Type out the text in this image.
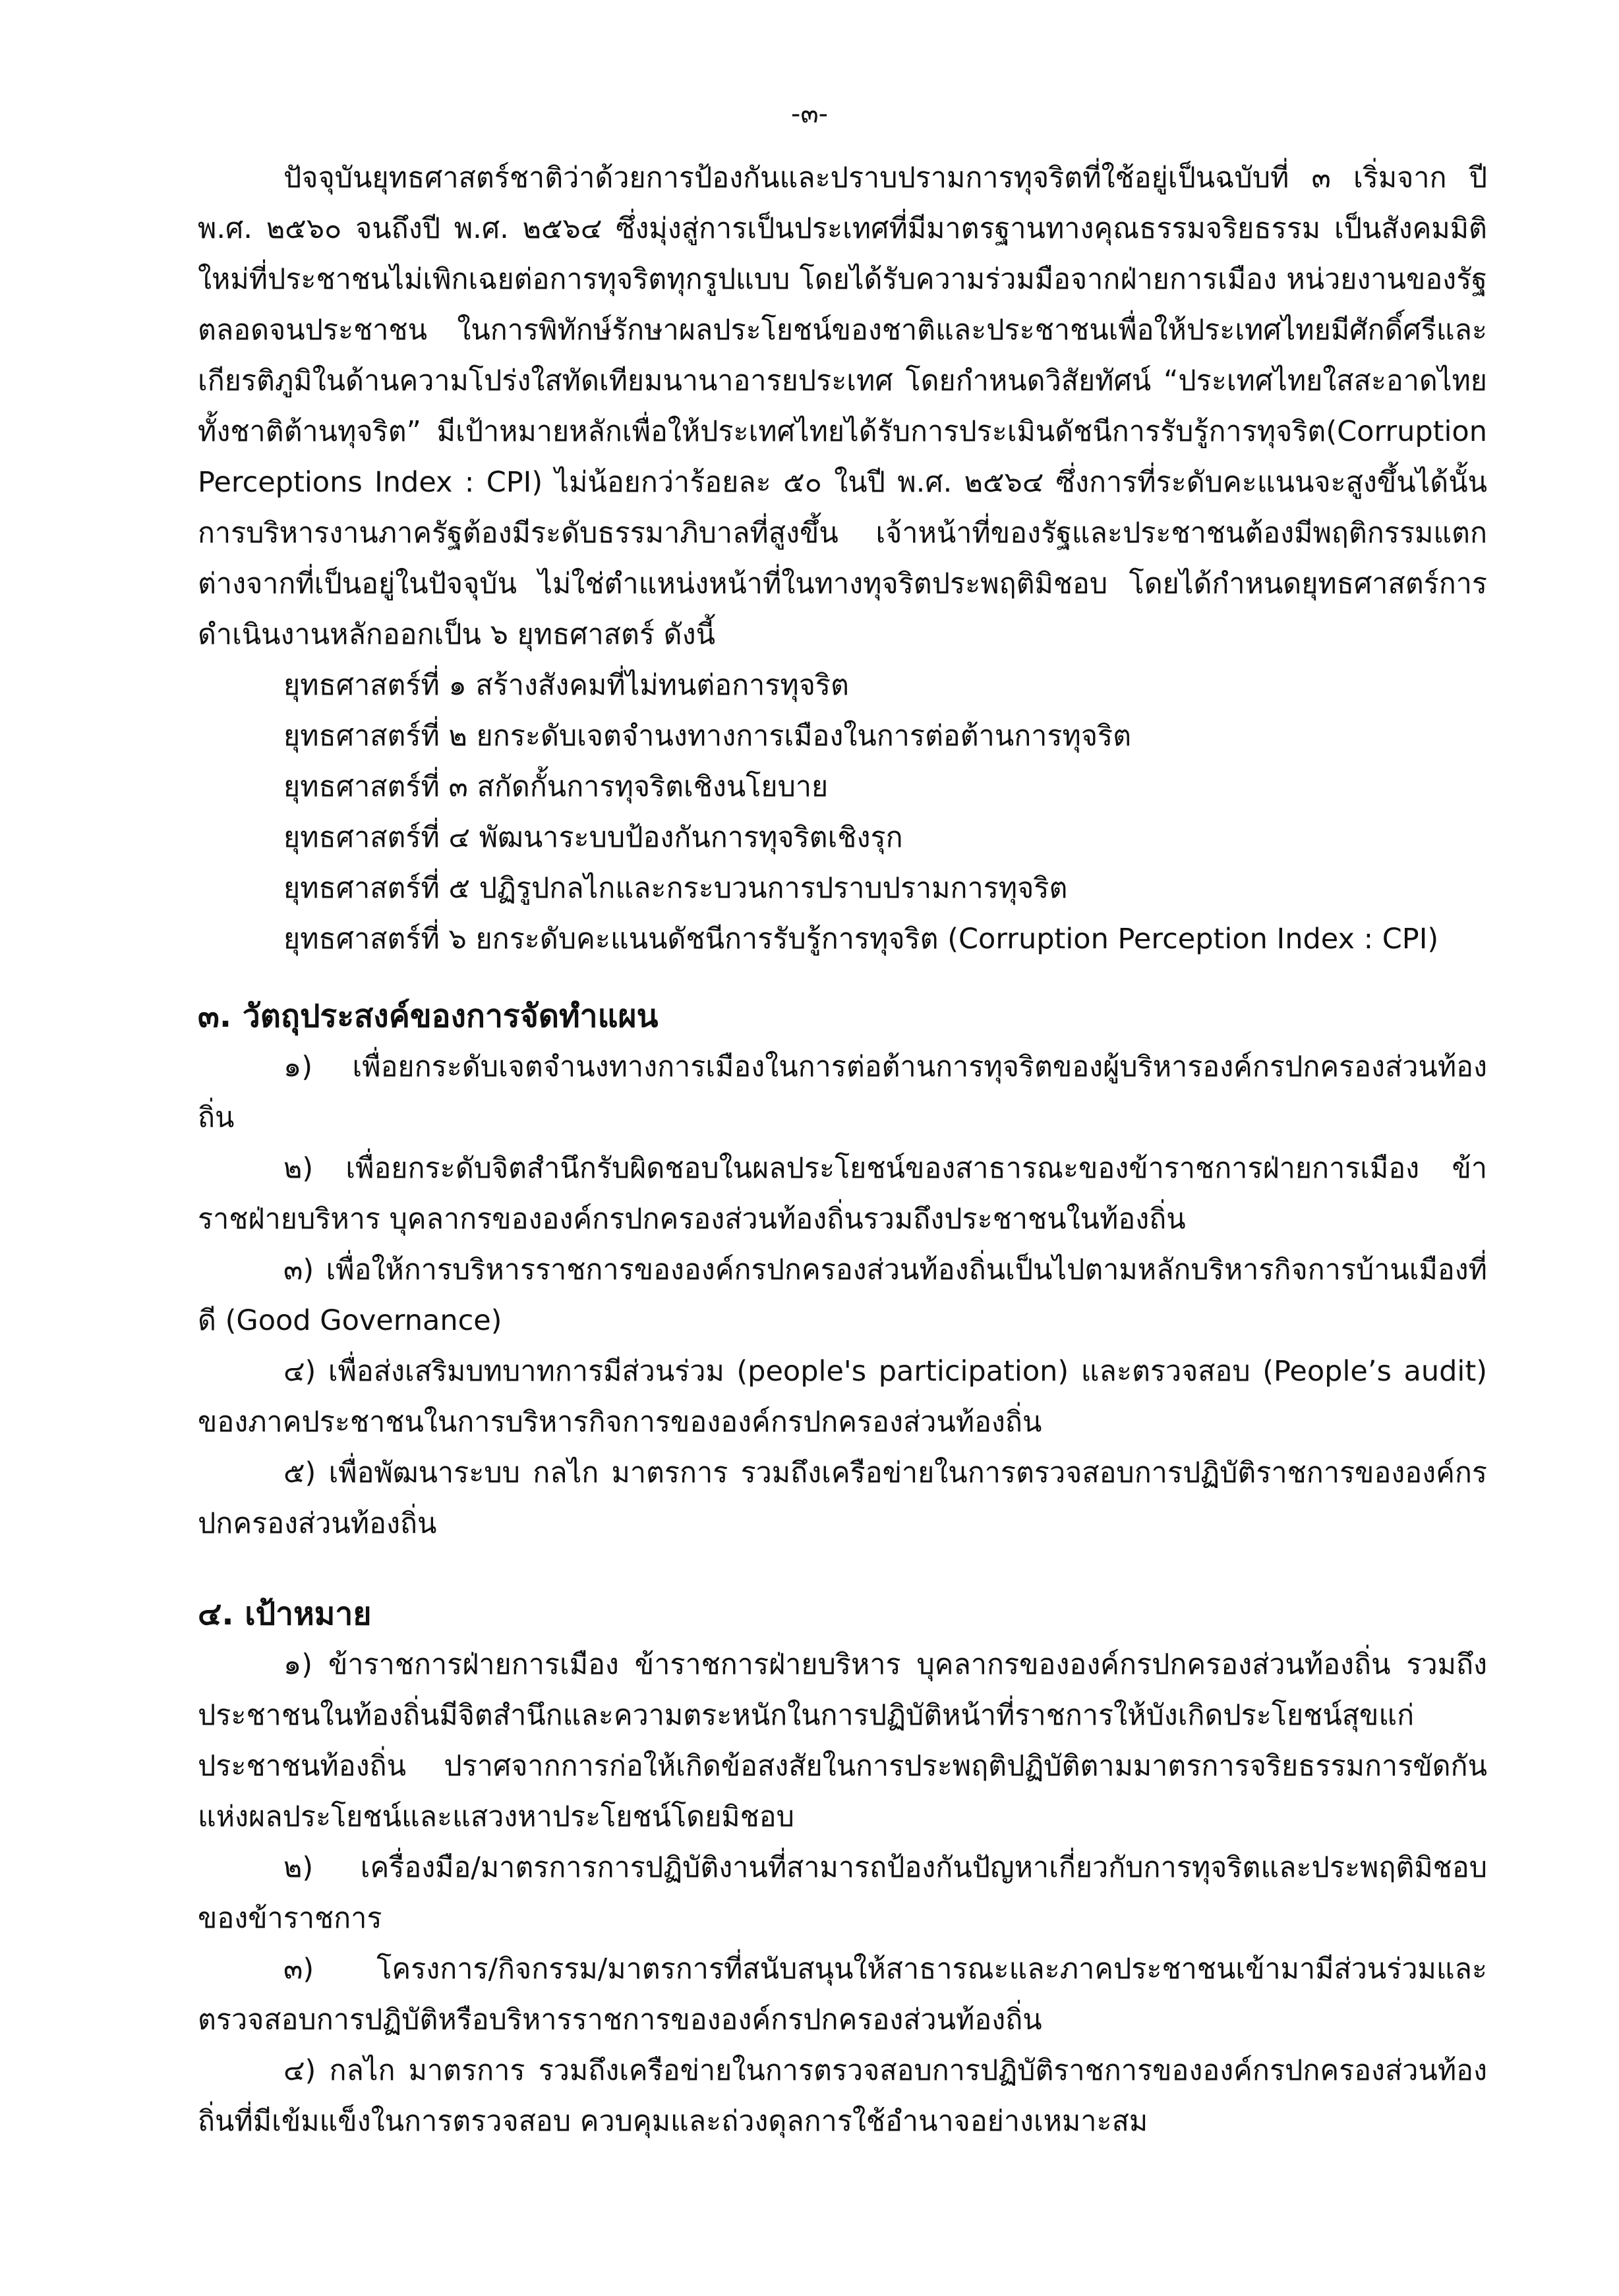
-๓-

ปัจจุบันยุทธศาสตร์ชาติว่าด้วยการป้องกันและปราบปรามการทุจริตที่ใช้อยู่เป็นฉบับที่ ๓ เริ่มจาก ปี พ.ศ. ๒๕๖๐ จนถึงปี พ.ศ. ๒๕๖๔ ซึ่งมุ่งสู่การเป็นประเทศที่มีมาตรฐานทางคุณธรรมจริยธรรม เป็นสังคมมิติใหม่ที่ประชาชนไม่เพิกเฉยต่อการทุจริตทุกรูปแบบ โดยได้รับความร่วมมือจากฝ่ายการเมือง หน่วยงานของรัฐ ตลอดจนประชาชน ในการพิทักษ์รักษาผลประโยชน์ของชาติและประชาชนเพื่อให้ประเทศไทยมีศักดิ์ศรีและเกียรติภูมิในด้านความโปร่งใสทัดเทียมนานาอารยประเทศ โดยกำหนดวิสัยทัศน์ “ประเทศไทยใสสะอาดไทยทั้งชาติต้านทุจริต” มีเป้าหมายหลักเพื่อให้ประเทศไทยได้รับการประเมินดัชนีการรับรู้การทุจริต(Corruption Perceptions Index : CPI) ไม่น้อยกว่าร้อยละ ๕๐ ในปี พ.ศ. ๒๕๖๔ ซึ่งการที่ระดับคะแนนจะสูงขึ้นได้นั้น การบริหารงานภาครัฐต้องมีระดับธรรมาภิบาลที่สูงขึ้น เจ้าหน้าที่ของรัฐและประชาชนต้องมีพฤติกรรมแตกต่างจากที่เป็นอยู่ในปัจจุบัน ไม่ใช่ตำแหน่งหน้าที่ในทางทุจริตประพฤติมิชอบ โดยได้กำหนดยุทธศาสตร์การดำเนินงานหลักออกเป็น ๖ ยุทธศาสตร์ ดังนี้

ยุทธศาสตร์ที่ ๑ สร้างสังคมที่ไม่ทนต่อการทุจริต

ยุทธศาสตร์ที่ ๒ ยกระดับเจตจำนงทางการเมืองในการต่อต้านการทุจริต

ยุทธศาสตร์ที่ ๓ สกัดกั้นการทุจริตเชิงนโยบาย

ยุทธศาสตร์ที่ ๔ พัฒนาระบบป้องกันการทุจริตเชิงรุก

ยุทธศาสตร์ที่ ๕ ปฏิรูปกลไกและกระบวนการปราบปรามการทุจริต

ยุทธศาสตร์ที่ ๖ ยกระดับคะแนนดัชนีการรับรู้การทุจริต (Corruption Perception Index : CPI)

๓. วัตถุประสงค์ของการจัดทำแผน

๑) เพื่อยกระดับเจตจำนงทางการเมืองในการต่อต้านการทุจริตของผู้บริหารองค์กรปกครองส่วนท้องถิ่น

๒) เพื่อยกระดับจิตสำนึกรับผิดชอบในผลประโยชน์ของสาธารณะของข้าราชการฝ่ายการเมือง ข้าราชฝ่ายบริหาร บุคลากรขององค์กรปกครองส่วนท้องถิ่นรวมถึงประชาชนในท้องถิ่น

๓) เพื่อให้การบริหารราชการขององค์กรปกครองส่วนท้องถิ่นเป็นไปตามหลักบริหารกิจการบ้านเมืองที่ดี (Good Governance)

๔) เพื่อส่งเสริมบทบาทการมีส่วนร่วม (people's participation) และตรวจสอบ (People’s audit) ของภาคประชาชนในการบริหารกิจการขององค์กรปกครองส่วนท้องถิ่น

๕) เพื่อพัฒนาระบบ กลไก มาตรการ รวมถึงเครือข่ายในการตรวจสอบการปฏิบัติราชการขององค์กรปกครองส่วนท้องถิ่น

๔. เป้าหมาย

๑) ข้าราชการฝ่ายการเมือง ข้าราชการฝ่ายบริหาร บุคลากรขององค์กรปกครองส่วนท้องถิ่น รวมถึงประชาชนในท้องถิ่นมีจิตสำนึกและความตระหนักในการปฏิบัติหน้าที่ราชการให้บังเกิดประโยชน์สุขแก่ประชาชนท้องถิ่น ปราศจากการก่อให้เกิดข้อสงสัยในการประพฤติปฏิบัติตามมาตรการจริยธรรมการขัดกันแห่งผลประโยชน์และแสวงหาประโยชน์โดยมิชอบ

๒) เครื่องมือ/มาตรการการปฏิบัติงานที่สามารถป้องกันปัญหาเกี่ยวกับการทุจริตและประพฤติมิชอบของข้าราชการ

๓) โครงการ/กิจกรรม/มาตรการที่สนับสนุนให้สาธารณะและภาคประชาชนเข้ามามีส่วนร่วมและตรวจสอบการปฏิบัติหรือบริหารราชการขององค์กรปกครองส่วนท้องถิ่น

๔) กลไก มาตรการ รวมถึงเครือข่ายในการตรวจสอบการปฏิบัติราชการขององค์กรปกครองส่วนท้องถิ่นที่มีเข้มแข็งในการตรวจสอบ ควบคุมและถ่วงดุลการใช้อำนาจอย่างเหมาะสม
